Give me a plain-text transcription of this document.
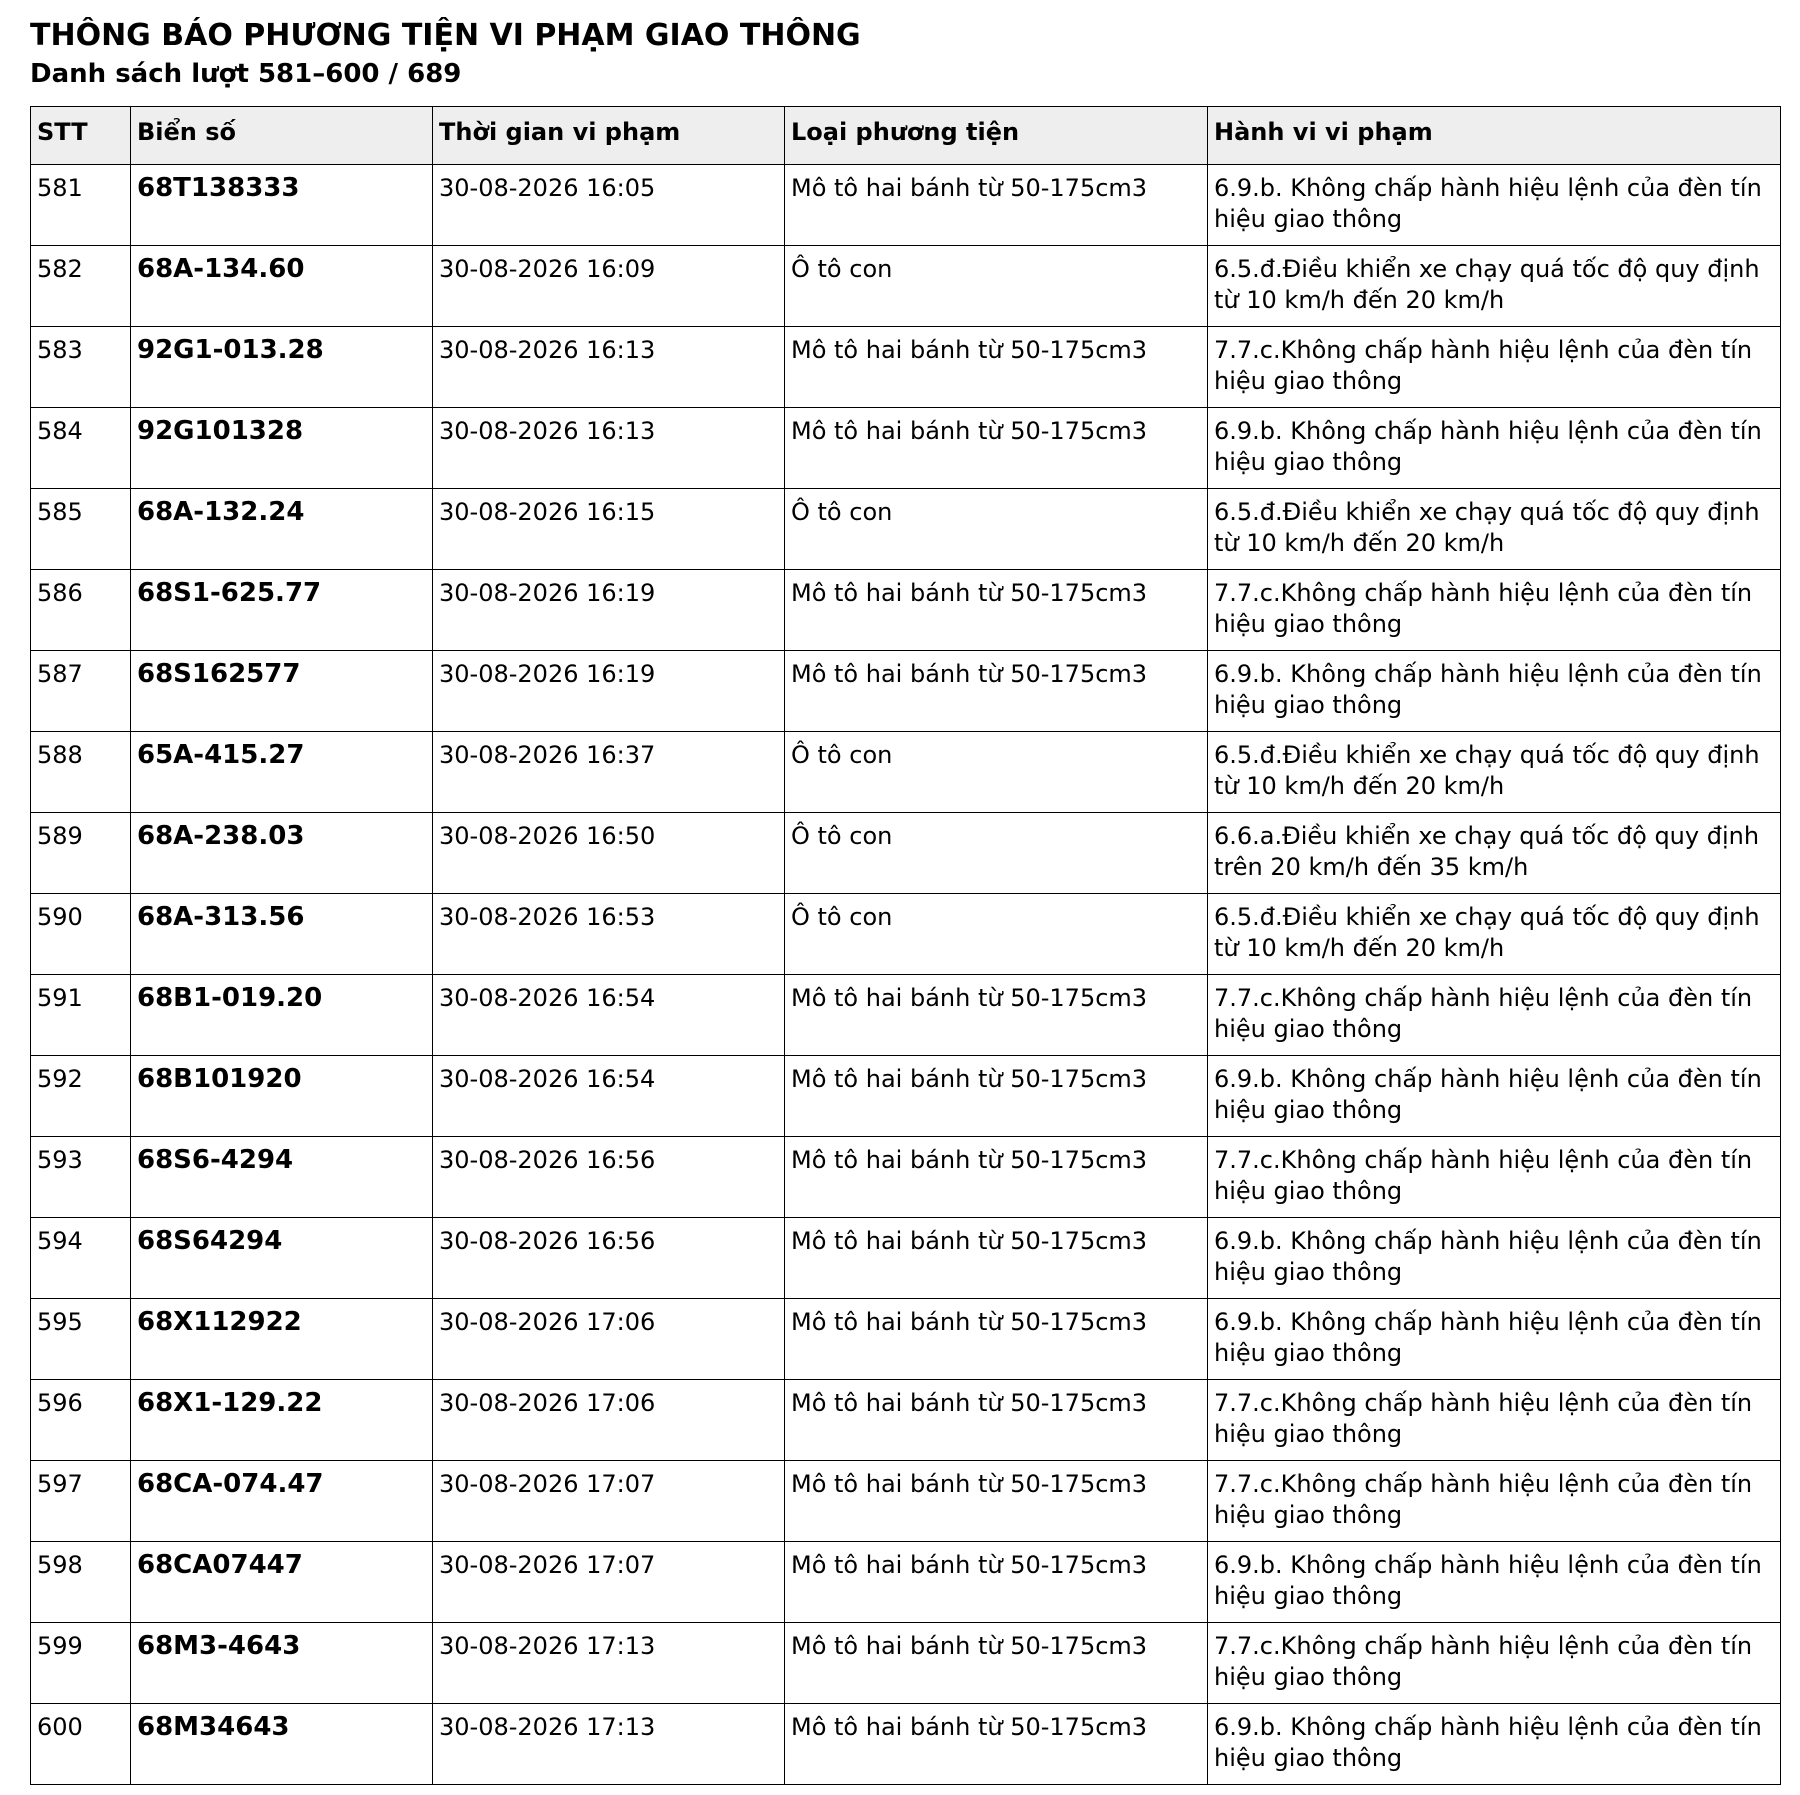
THÔNG BÁO PHƯƠNG TIỆN VI PHẠM GIAO THÔNG
Danh sách lượt 581–600 / 689
STT	Biển số	Thời gian vi phạm	Loại phương tiện	Hành vi vi phạm
581	68T138333	30-08-2026 16:05	Mô tô hai bánh từ 50-175cm3	6.9.b. Không chấp hành hiệu lệnh của đèn tín hiệu giao thông
582	68A-134.60	30-08-2026 16:09	Ô tô con	6.5.đ.Điều khiển xe chạy quá tốc độ quy định từ 10 km/h đến 20 km/h
583	92G1-013.28	30-08-2026 16:13	Mô tô hai bánh từ 50-175cm3	7.7.c.Không chấp hành hiệu lệnh của đèn tín hiệu giao thông
584	92G101328	30-08-2026 16:13	Mô tô hai bánh từ 50-175cm3	6.9.b. Không chấp hành hiệu lệnh của đèn tín hiệu giao thông
585	68A-132.24	30-08-2026 16:15	Ô tô con	6.5.đ.Điều khiển xe chạy quá tốc độ quy định từ 10 km/h đến 20 km/h
586	68S1-625.77	30-08-2026 16:19	Mô tô hai bánh từ 50-175cm3	7.7.c.Không chấp hành hiệu lệnh của đèn tín hiệu giao thông
587	68S162577	30-08-2026 16:19	Mô tô hai bánh từ 50-175cm3	6.9.b. Không chấp hành hiệu lệnh của đèn tín hiệu giao thông
588	65A-415.27	30-08-2026 16:37	Ô tô con	6.5.đ.Điều khiển xe chạy quá tốc độ quy định từ 10 km/h đến 20 km/h
589	68A-238.03	30-08-2026 16:50	Ô tô con	6.6.a.Điều khiển xe chạy quá tốc độ quy định trên 20 km/h đến 35 km/h
590	68A-313.56	30-08-2026 16:53	Ô tô con	6.5.đ.Điều khiển xe chạy quá tốc độ quy định từ 10 km/h đến 20 km/h
591	68B1-019.20	30-08-2026 16:54	Mô tô hai bánh từ 50-175cm3	7.7.c.Không chấp hành hiệu lệnh của đèn tín hiệu giao thông
592	68B101920	30-08-2026 16:54	Mô tô hai bánh từ 50-175cm3	6.9.b. Không chấp hành hiệu lệnh của đèn tín hiệu giao thông
593	68S6-4294	30-08-2026 16:56	Mô tô hai bánh từ 50-175cm3	7.7.c.Không chấp hành hiệu lệnh của đèn tín hiệu giao thông
594	68S64294	30-08-2026 16:56	Mô tô hai bánh từ 50-175cm3	6.9.b. Không chấp hành hiệu lệnh của đèn tín hiệu giao thông
595	68X112922	30-08-2026 17:06	Mô tô hai bánh từ 50-175cm3	6.9.b. Không chấp hành hiệu lệnh của đèn tín hiệu giao thông
596	68X1-129.22	30-08-2026 17:06	Mô tô hai bánh từ 50-175cm3	7.7.c.Không chấp hành hiệu lệnh của đèn tín hiệu giao thông
597	68CA-074.47	30-08-2026 17:07	Mô tô hai bánh từ 50-175cm3	7.7.c.Không chấp hành hiệu lệnh của đèn tín hiệu giao thông
598	68CA07447	30-08-2026 17:07	Mô tô hai bánh từ 50-175cm3	6.9.b. Không chấp hành hiệu lệnh của đèn tín hiệu giao thông
599	68M3-4643	30-08-2026 17:13	Mô tô hai bánh từ 50-175cm3	7.7.c.Không chấp hành hiệu lệnh của đèn tín hiệu giao thông
600	68M34643	30-08-2026 17:13	Mô tô hai bánh từ 50-175cm3	6.9.b. Không chấp hành hiệu lệnh của đèn tín hiệu giao thông
